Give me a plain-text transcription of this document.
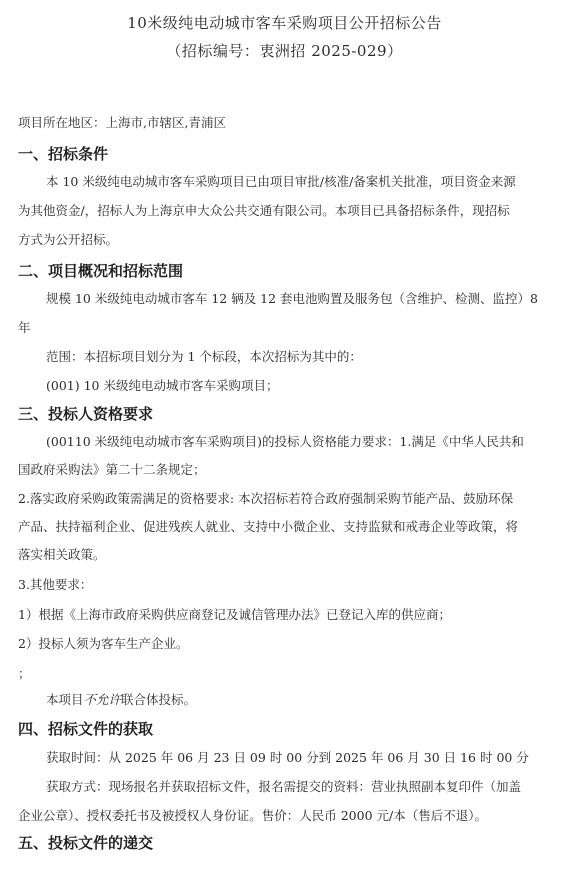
10米级纯电动城市客车采购项目公开招标公告
（招标编号：衷洲招 2025-029）
项目所在地区：上海市,市辖区,青浦区
一、招标条件
本 10 米级纯电动城市客车采购项目已由项目审批/核准/备案机关批准，项目资金来源
为其他资金/，招标人为上海京申大众公共交通有限公司。本项目已具备招标条件，现招标
方式为公开招标。
二、项目概况和招标范围
规模 10 米级纯电动城市客车 12 辆及 12 套电池购置及服务包（含维护、检测、监控）8
年
范围：本招标项目划分为 1 个标段，本次招标为其中的：
(001) 10 米级纯电动城市客车采购项目；
三、投标人资格要求
(00110 米级纯电动城市客车采购项目)的投标人资格能力要求：1.满足《中华人民共和
国政府采购法》第二十二条规定；
2.落实政府采购政策需满足的资格要求: 本次招标若符合政府强制采购节能产品、鼓励环保
产品、扶持福利企业、促进残疾人就业、支持中小微企业、支持监狱和戒毒企业等政策，将
落实相关政策。
3.其他要求：
1）根据《上海市政府采购供应商登记及诚信管理办法》已登记入库的供应商；
2）投标人须为客车生产企业。
；
本项目不允许联合体投标。
四、招标文件的获取
获取时间：从 2025 年 06 月 23 日 09 时 00 分到 2025 年 06 月 30 日 16 时 00 分
获取方式：现场报名并获取招标文件，报名需提交的资料：营业执照副本复印件（加盖
企业公章）、授权委托书及被授权人身份证。售价：人民币 2000 元/本（售后不退）。
五、投标文件的递交
